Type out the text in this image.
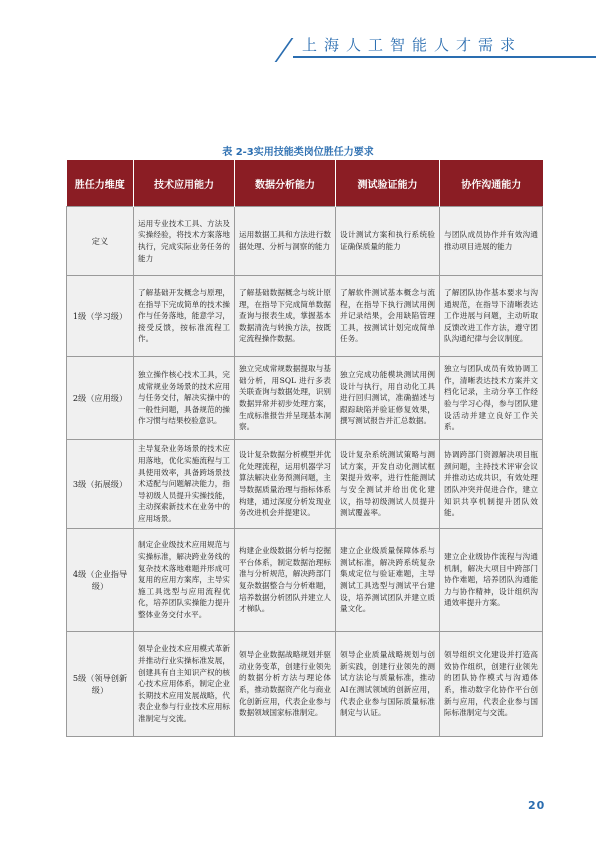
上海人工智能人才需求
表 2-3实用技能类岗位胜任力要求
胜任力维度	技术应用能力	数据分析能力	测试验证能力	协作沟通能力
定义	运用专业技术工具、方法及实操经验，将技术方案落地执行，完成实际业务任务的能力	运用数据工具和方法进行数据处理、分析与洞察的能力	设计测试方案和执行系统验证确保质量的能力	与团队成员协作并有效沟通推动项目进展的能力
1级（学习级）	了解基础开发概念与原理，在指导下完成简单的技术操作与任务落地，能意学习，接受反馈，按标准流程工作。	了解基础数据概念与统计原理，在指导下完成简单数据查询与报表生成，掌握基本数据清洗与转换方法，按既定流程操作数据。	了解软件测试基本概念与流程，在指导下执行测试用例并记录结果，会用缺陷管理工具，按测试计划完成简单任务。	了解团队协作基本要求与沟通规范，在指导下清晰表达工作进展与问题，主动听取反馈改进工作方法，遵守团队沟通纪律与会议制度。
2级（应用级）	独立操作核心技术工具，完成常规业务场景的技术应用与任务交付，解决实操中的一般性问题，具备规范的操作习惯与结果校验意识。	独立完成常规数据提取与基础分析，用SQL 进行多表关联查询与数据处理，识别数据异常并初步处理方案，生成标准报告并呈现基本洞察。	独立完成功能模块测试用例设计与执行，用自动化工具进行回归测试，准确描述与跟踪缺陷并验证修复效果，撰写测试报告并汇总数据。	独立与团队成员有效协调工作，清晰表达技术方案并文档化记录，主动分享工作经验与学习心得，参与团队建设活动并建立良好工作关系。
3级（拓展级）	主导复杂业务场景的技术应用落地，优化实施流程与工具使用效率，具备跨场景技术适配与问题解决能力，指导初级人员提升实操技能，主动探索新技术在业务中的应用场景。	设计复杂数据分析模型并优化处理流程，运用机器学习算法解决业务预测问题，主导数据质量治理与指标体系构建，通过深度分析发现业务改进机会并提建议。	设计复杂系统测试策略与测试方案，开发自动化测试框架提升效率，进行性能测试与安全测试并给出优化建议，指导初级测试人员提升测试覆盖率。	协调跨部门资源解决项目瓶颈问题，主持技术评审会议并推动达成共识，有效处理团队冲突并促进合作，建立知识共享机制提升团队效能。
4级（企业指导级）	制定企业级技术应用规范与实操标准，解决跨业务线的复杂技术落地难题并形成可复用的应用方案库，主导实施工具选型与应用流程优化，培养团队实操能力提升整体业务交付水平。	构建企业级数据分析与挖掘平台体系，制定数据治理标准与分析规范，解决跨部门复杂数据整合与分析难题，培养数据分析团队并建立人才梯队。	建立企业级质量保障体系与测试标准，解决跨系统复杂集成定位与验证难题，主导测试工具选型与测试平台建设，培养测试团队并建立质量文化。	建立企业级协作流程与沟通机制，解决大项目中跨部门协作难题，培养团队沟通能力与协作精神，设计组织沟通效率提升方案。
5级（领导创新级）	领导企业技术应用模式革新并推动行业实操标准发展，创建具有自主知识产权的核心技术应用体系，制定企业长期技术应用发展战略，代表企业参与行业技术应用标准制定与交流。	领导企业数据战略规划并驱动业务变革，创建行业领先的数据分析方法与理论体系，推动数据资产化与商业化创新应用，代表企业参与数据领域国家标准制定。	领导企业质量战略规划与创新实践，创建行业领先的测试方法论与质量标准，推动AI在测试领域的创新应用，代表企业参与国际质量标准制定与认证。	领导组织文化建设并打造高效协作组织，创建行业领先的团队协作模式与沟通体系，推动数字化协作平台创新与应用，代表企业参与国际标准制定与交流。
20
